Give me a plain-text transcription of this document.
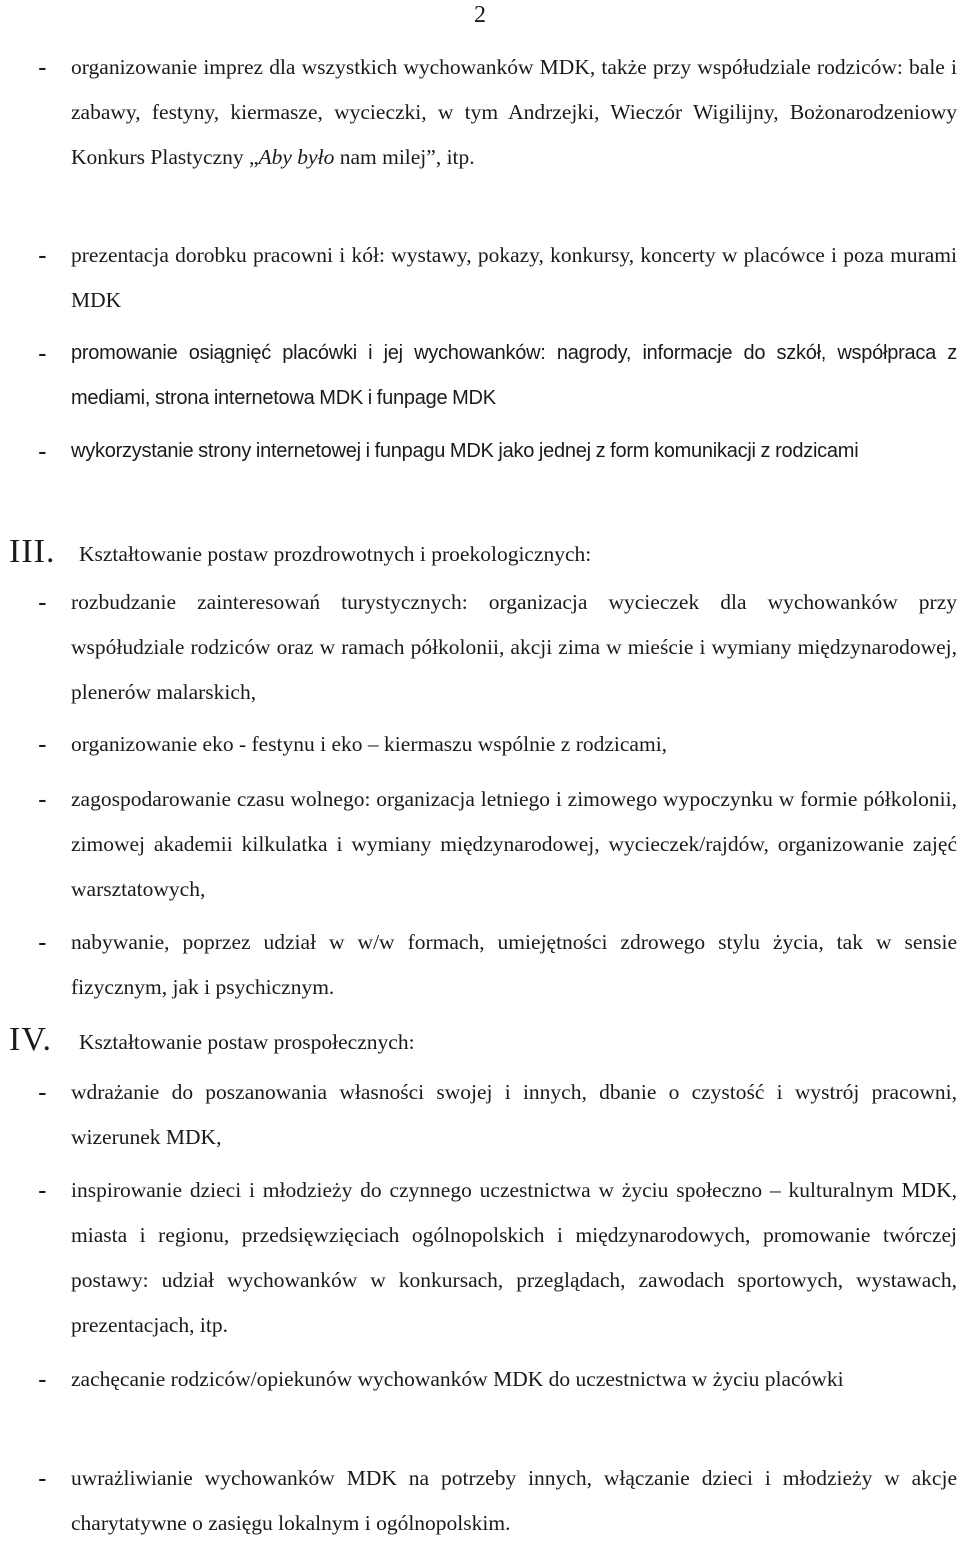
2
- organizowanie imprez dla wszystkich wychowanków MDK, także przy współudziale rodziców: bale i zabawy, festyny, kiermasze, wycieczki, w tym Andrzejki, Wieczór Wigilijny, Bożonarodzeniowy Konkurs Plastyczny „Aby było nam milej”, itp.
- prezentacja dorobku pracowni i kół: wystawy, pokazy, konkursy, koncerty w placówce i poza murami MDK
- promowanie osiągnięć placówki i jej wychowanków: nagrody, informacje do szkół, współpraca z mediami, strona internetowa MDK i funpage MDK
- wykorzystanie strony internetowej i funpagu MDK jako jednej z form komunikacji z rodzicami
III. Kształtowanie postaw prozdrowotnych i proekologicznych:
- rozbudzanie zainteresowań turystycznych: organizacja wycieczek dla wychowanków przy współudziale rodziców oraz w ramach półkolonii, akcji zima w mieście i wymiany międzynarodowej, plenerów malarskich,
- organizowanie eko - festynu i eko – kiermaszu wspólnie z rodzicami,
- zagospodarowanie czasu wolnego: organizacja letniego i zimowego wypoczynku w formie półkolonii, zimowej akademii kilkulatka i wymiany międzynarodowej, wycieczek/rajdów, organizowanie zajęć warsztatowych,
- nabywanie, poprzez udział w w/w formach, umiejętności zdrowego stylu życia, tak w sensie fizycznym, jak i psychicznym.
IV. Kształtowanie postaw prospołecznych:
- wdrażanie do poszanowania własności swojej i innych, dbanie o czystość i wystrój pracowni, wizerunek MDK,
- inspirowanie dzieci i młodzieży do czynnego uczestnictwa w życiu społeczno – kulturalnym MDK, miasta i regionu, przedsięwzięciach ogólnopolskich i międzynarodowych, promowanie twórczej postawy: udział wychowanków w konkursach, przeglądach, zawodach sportowych, wystawach, prezentacjach, itp.
- zachęcanie rodziców/opiekunów wychowanków MDK do uczestnictwa w życiu placówki
- uwrażliwianie wychowanków MDK na potrzeby innych, włączanie dzieci i młodzieży w akcje charytatywne o zasięgu lokalnym i ogólnopolskim.
